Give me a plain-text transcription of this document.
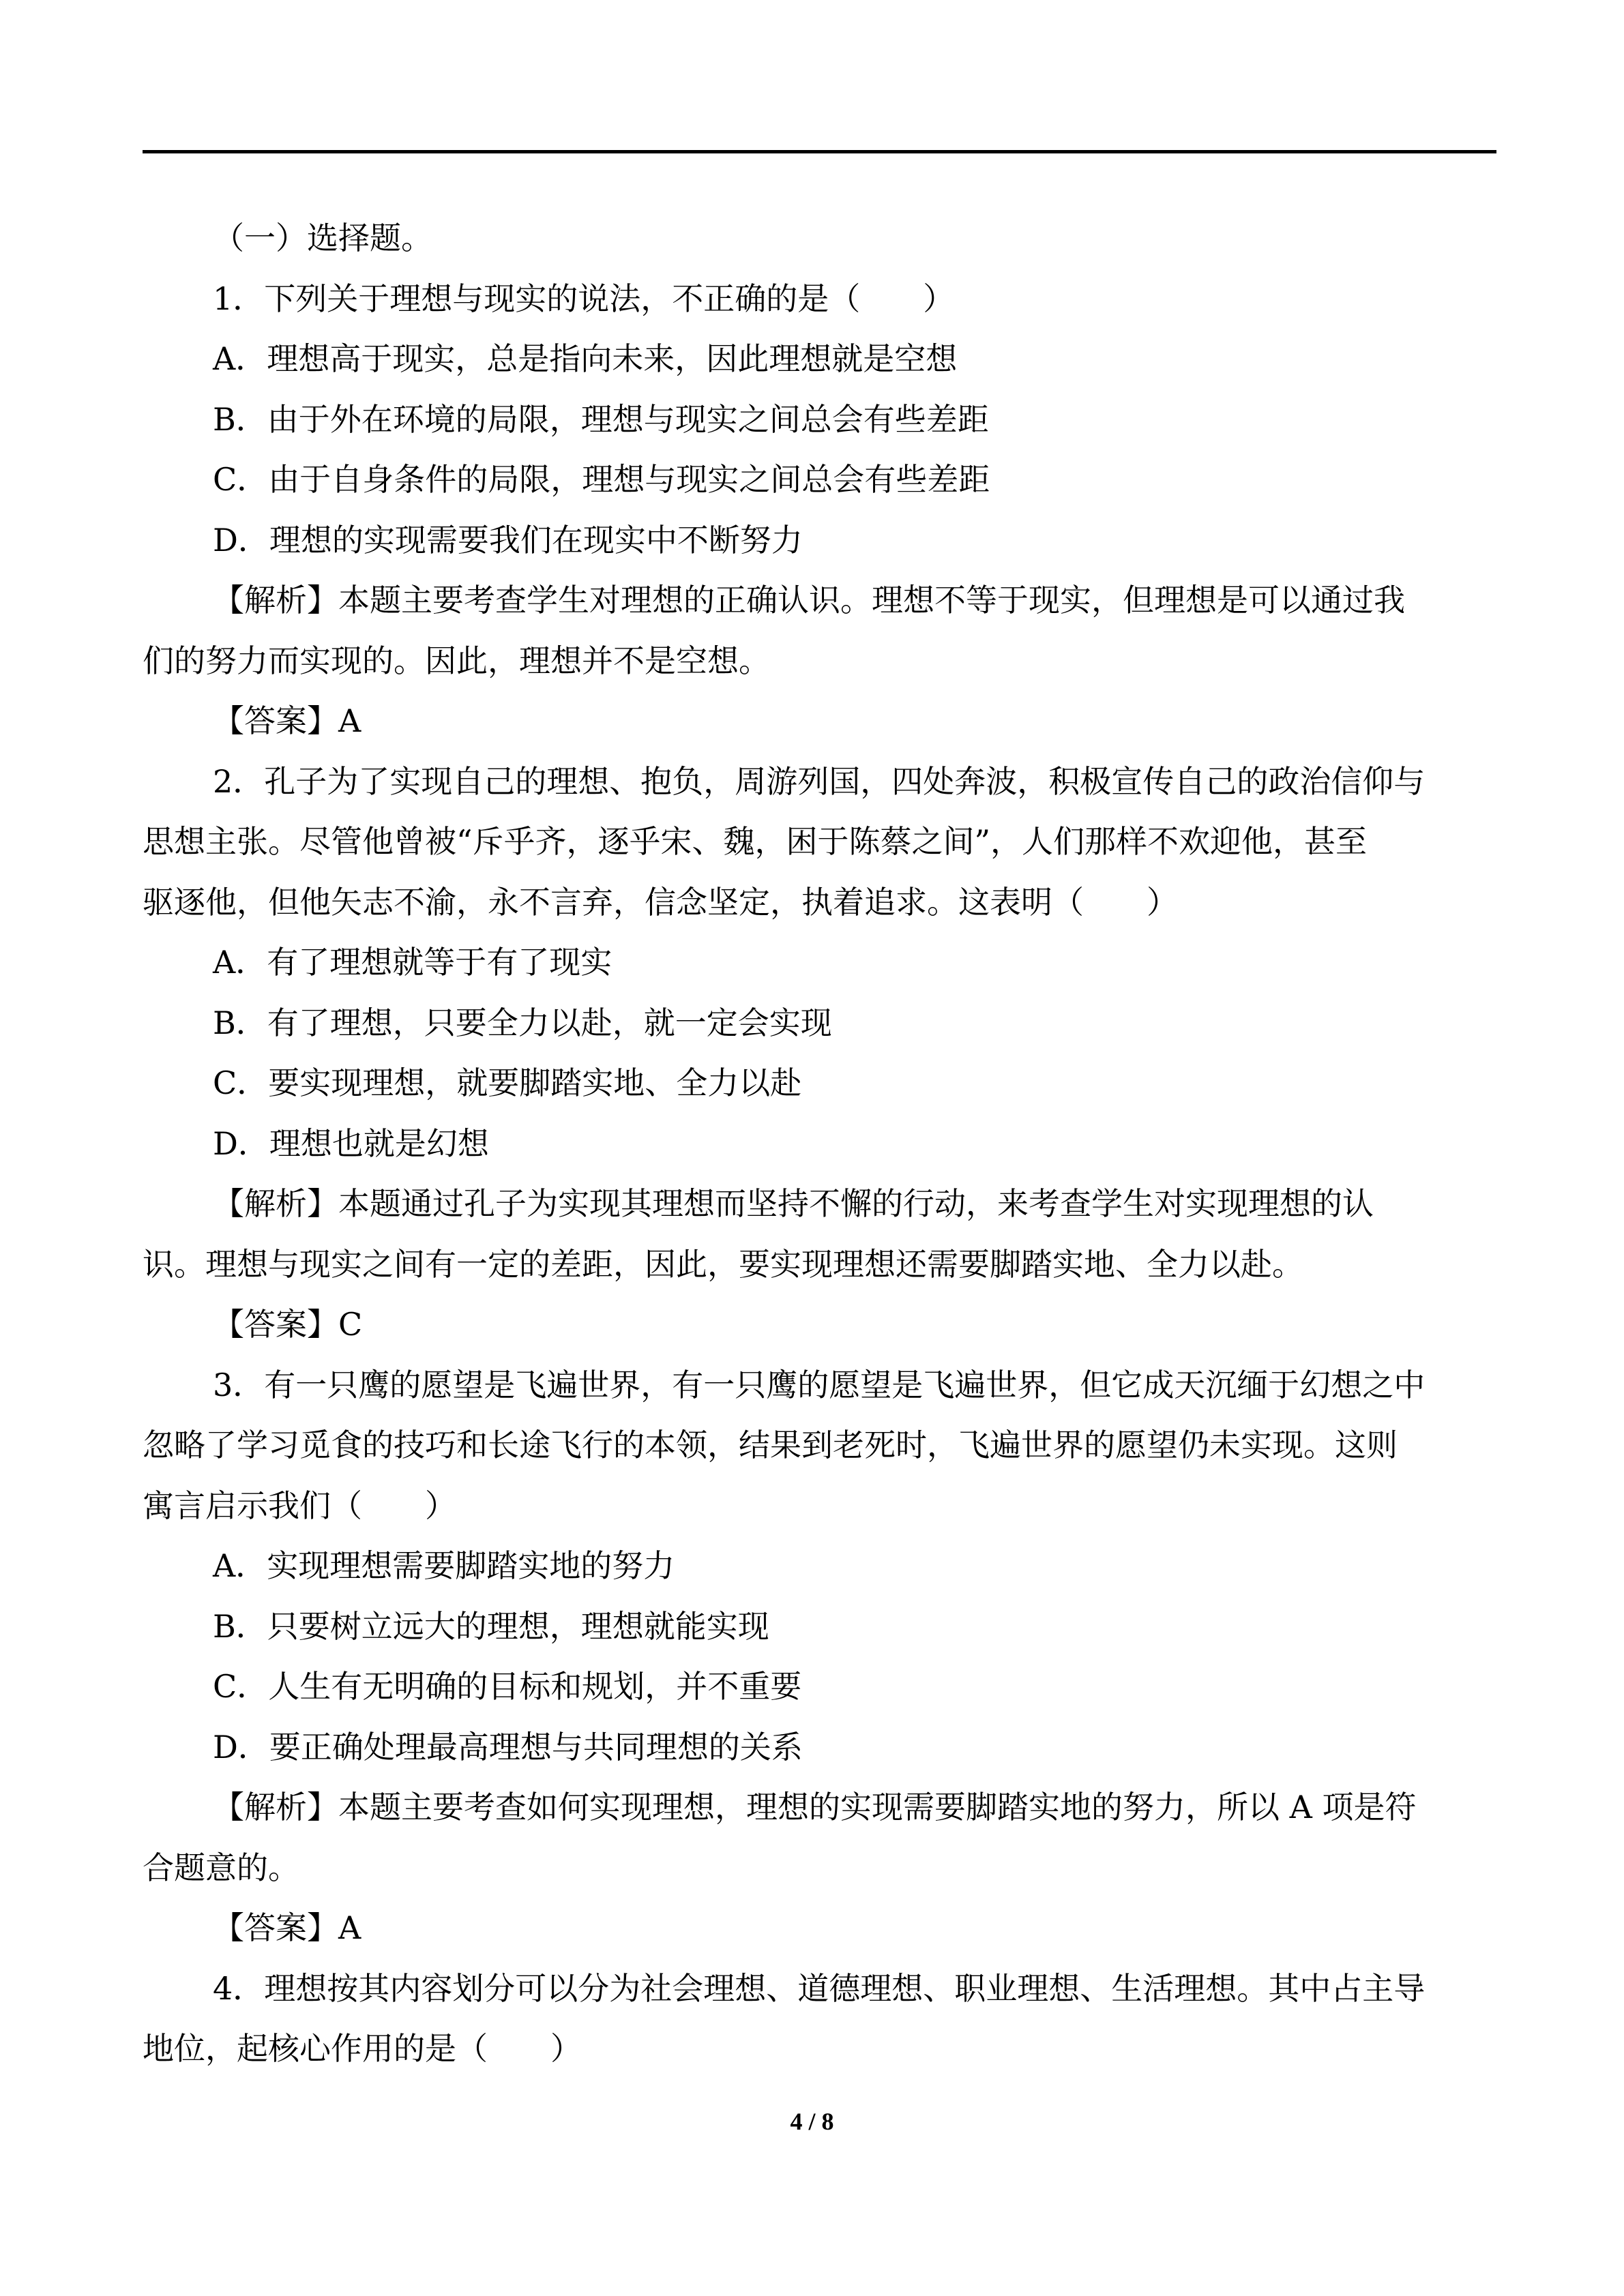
（一）选择题。

1．下列关于理想与现实的说法，不正确的是（　　）

A．理想高于现实，总是指向未来，因此理想就是空想

B．由于外在环境的局限，理想与现实之间总会有些差距

C．由于自身条件的局限，理想与现实之间总会有些差距

D．理想的实现需要我们在现实中不断努力

【解析】本题主要考查学生对理想的正确认识。理想不等于现实，但理想是可以通过我

们的努力而实现的。因此，理想并不是空想。

【答案】A

2．孔子为了实现自己的理想、抱负，周游列国，四处奔波，积极宣传自己的政治信仰与

思想主张。尽管他曾被“斥乎齐，逐乎宋、魏，困于陈蔡之间”，人们那样不欢迎他，甚至

驱逐他，但他矢志不渝，永不言弃，信念坚定，执着追求。这表明（　　）

A．有了理想就等于有了现实

B．有了理想，只要全力以赴，就一定会实现

C．要实现理想，就要脚踏实地、全力以赴

D．理想也就是幻想

【解析】本题通过孔子为实现其理想而坚持不懈的行动，来考查学生对实现理想的认

识。理想与现实之间有一定的差距，因此，要实现理想还需要脚踏实地、全力以赴。

【答案】C

3．有一只鹰的愿望是飞遍世界，有一只鹰的愿望是飞遍世界，但它成天沉缅于幻想之中

忽略了学习觅食的技巧和长途飞行的本领，结果到老死时，飞遍世界的愿望仍未实现。这则

寓言启示我们（　　）

A．实现理想需要脚踏实地的努力

B．只要树立远大的理想，理想就能实现

C．人生有无明确的目标和规划，并不重要

D．要正确处理最高理想与共同理想的关系

【解析】本题主要考查如何实现理想，理想的实现需要脚踏实地的努力，所以 A 项是符

合题意的。

【答案】A

4．理想按其内容划分可以分为社会理想、道德理想、职业理想、生活理想。其中占主导

地位，起核心作用的是（　　）

4 / 8
